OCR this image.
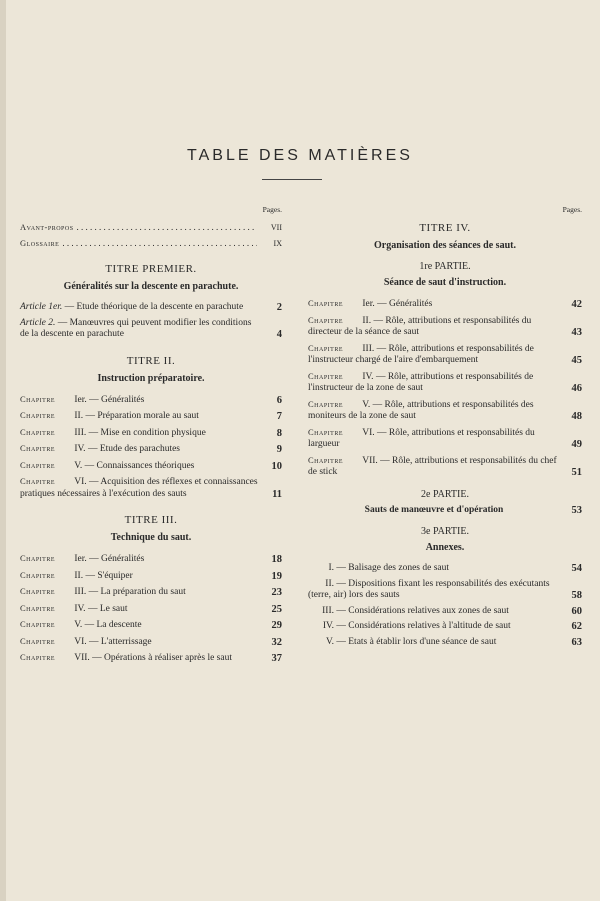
TABLE DES MATIÈRES
Pages.
Avant-propos . . .	VII
Glossaire . . .	IX
TITRE PREMIER.
Généralités sur la descente en parachute.
Article 1er. — Etude théorique de la descente en parachute	2
Article 2. — Manœuvres qui peuvent modifier les conditions de la descente en parachute	4
TITRE II.
Instruction préparatoire.
Chapitre Ier. — Généralités	6
Chapitre II. — Préparation morale au saut	7
Chapitre III. — Mise en condition physique	8
Chapitre IV. — Etude des parachutes	9
Chapitre V. — Connaissances théoriques	10
Chapitre VI. — Acquisition des réflexes et connaissances pratiques nécessaires à l'exécution des sauts	11
TITRE III.
Technique du saut.
Chapitre Ier. — Généralités	18
Chapitre II. — S'équiper	19
Chapitre III. — La préparation du saut	23
Chapitre IV. — Le saut	25
Chapitre V. — La descente	29
Chapitre VI. — L'atterrissage	32
Chapitre VII. — Opérations à réaliser après le saut	37
Pages.
TITRE IV.
Organisation des séances de saut.
1re PARTIE.
Séance de saut d'instruction.
Chapitre Ier. — Généralités	42
Chapitre II. — Rôle, attributions et responsabilités du directeur de la séance de saut	43
Chapitre III. — Rôle, attributions et responsabilités de l'instructeur chargé de l'aire d'embarquement	45
Chapitre IV. — Rôle, attributions et responsabilités de l'instructeur de la zone de saut	46
Chapitre V. — Rôle, attributions et responsabilités des moniteurs de la zone de saut	48
Chapitre VI. — Rôle, attributions et responsabilités du largueur	49
Chapitre VII. — Rôle, attributions et responsabilités du chef de stick	51
2e PARTIE.
Sauts de manœuvre et d'opération	53
3e PARTIE.
Annexes.
I. — Balisage des zones de saut	54
II. — Dispositions fixant les responsabilités des exécutants (terre, air) lors des sauts	58
III. — Considérations relatives aux zones de saut	60
IV. — Considérations relatives à l'altitude de saut	62
V. — Etats à établir lors d'une séance de saut	63
